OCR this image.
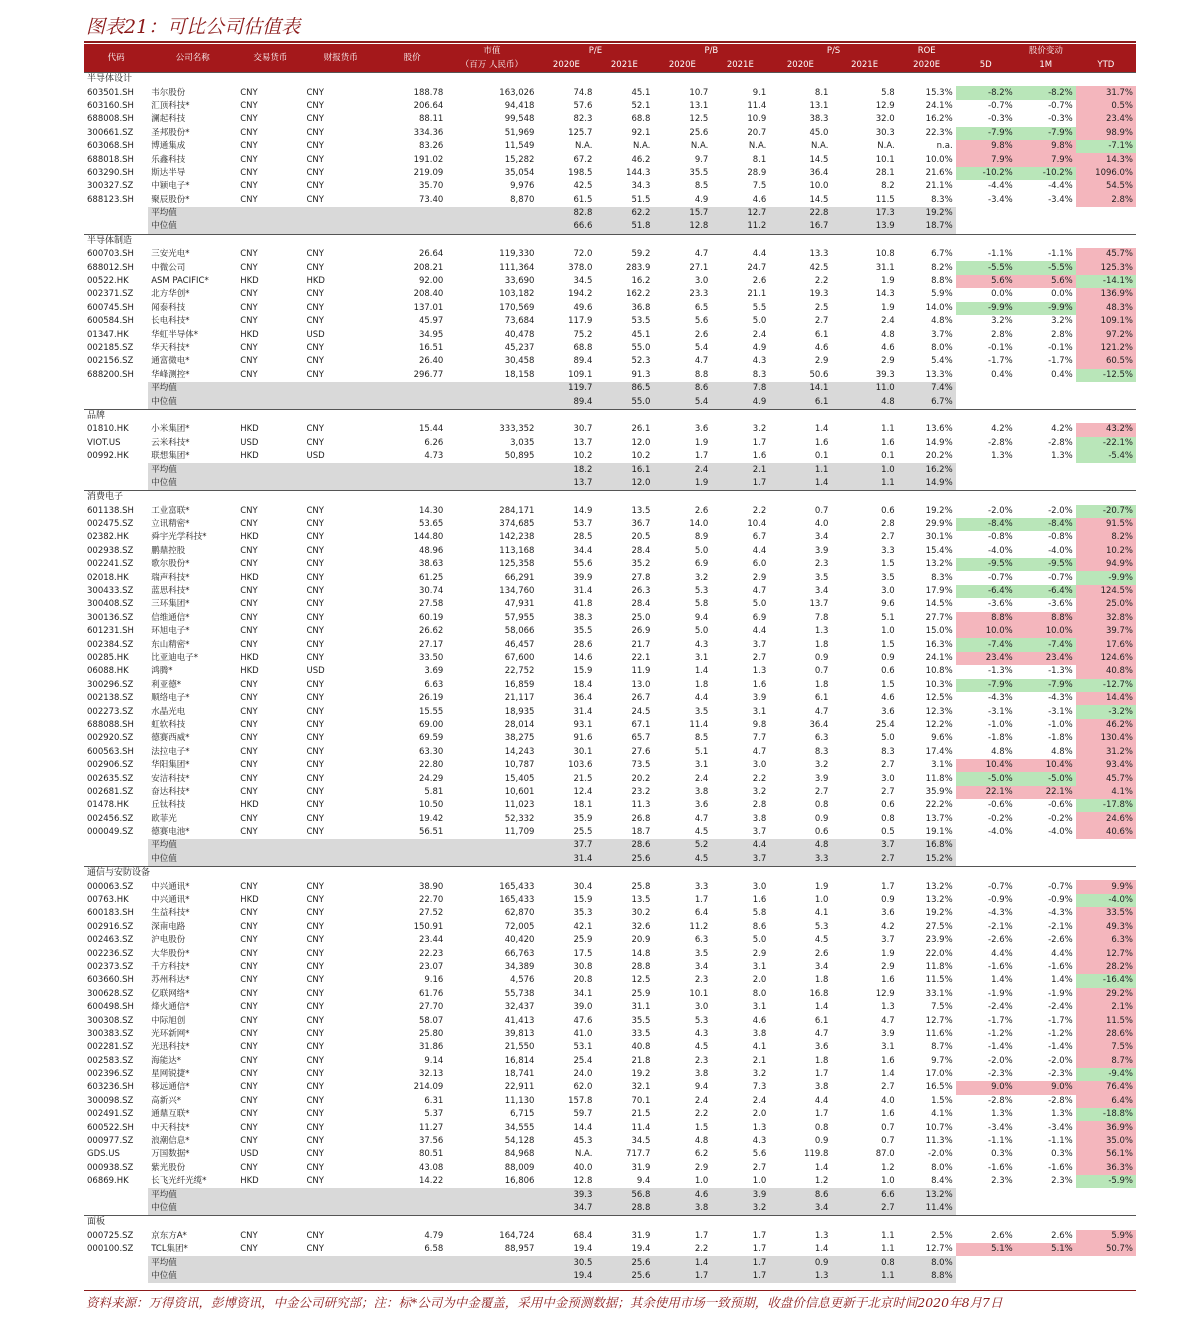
图表21：可比公司估值表
代码	公司名称	交易货币	财报货币	股价	市值	P/E		P/B		P/S		ROE	股价变动		
					（百万 人民币）	2020E	2021E	2020E	2021E	2020E	2021E	2020E	5D	1M	YTD
半导体设计															
603501.SH	韦尔股份	CNY	CNY	188.78	163,026	74.8	45.1	10.7	9.1	8.1	5.8	15.3%	-8.2%	-8.2%	31.7%
603160.SH	汇顶科技*	CNY	CNY	206.64	94,418	57.6	52.1	13.1	11.4	13.1	12.9	24.1%	-0.7%	-0.7%	0.5%
688008.SH	澜起科技	CNY	CNY	88.11	99,548	82.3	68.8	12.5	10.9	38.3	32.0	16.2%	-0.3%	-0.3%	23.4%
300661.SZ	圣邦股份*	CNY	CNY	334.36	51,969	125.7	92.1	25.6	20.7	45.0	30.3	22.3%	-7.9%	-7.9%	98.9%
603068.SH	博通集成	CNY	CNY	83.26	11,549	N.A.	N.A.	N.A.	N.A.	N.A.	N.A.	n.a.	9.8%	9.8%	-7.1%
688018.SH	乐鑫科技	CNY	CNY	191.02	15,282	67.2	46.2	9.7	8.1	14.5	10.1	10.0%	7.9%	7.9%	14.3%
603290.SH	斯达半导	CNY	CNY	219.09	35,054	198.5	144.3	35.5	28.9	36.4	28.1	21.6%	-10.2%	-10.2%	1096.0%
300327.SZ	中颖电子*	CNY	CNY	35.70	9,976	42.5	34.3	8.5	7.5	10.0	8.2	21.1%	-4.4%	-4.4%	54.5%
688123.SH	聚辰股份*	CNY	CNY	73.40	8,870	61.5	51.5	4.9	4.6	14.5	11.5	8.3%	-3.4%	-3.4%	2.8%
	平均值					82.8	62.2	15.7	12.7	22.8	17.3	19.2%			
	中位值					66.6	51.8	12.8	11.2	16.7	13.9	18.7%			
半导体制造															
600703.SH	三安光电*	CNY	CNY	26.64	119,330	72.0	59.2	4.7	4.4	13.3	10.8	6.7%	-1.1%	-1.1%	45.7%
688012.SH	中微公司	CNY	CNY	208.21	111,364	378.0	283.9	27.1	24.7	42.5	31.1	8.2%	-5.5%	-5.5%	125.3%
00522.HK	ASM PACIFIC*	HKD	HKD	92.00	33,690	34.5	16.2	3.0	2.6	2.2	1.9	8.8%	5.6%	5.6%	-14.1%
002371.SZ	北方华创*	CNY	CNY	208.40	103,182	194.2	162.2	23.3	21.1	19.3	14.3	5.9%	0.0%	0.0%	136.9%
600745.SH	闻泰科技	CNY	CNY	137.01	170,569	49.6	36.8	6.5	5.5	2.5	1.9	14.0%	-9.9%	-9.9%	48.3%
600584.SH	长电科技*	CNY	CNY	45.97	73,684	117.9	53.5	5.6	5.0	2.7	2.4	4.8%	3.2%	3.2%	109.1%
01347.HK	华虹半导体*	HKD	USD	34.95	40,478	75.2	45.1	2.6	2.4	6.1	4.8	3.7%	2.8%	2.8%	97.2%
002185.SZ	华天科技*	CNY	CNY	16.51	45,237	68.8	55.0	5.4	4.9	4.6	4.6	8.0%	-0.1%	-0.1%	121.2%
002156.SZ	通富微电*	CNY	CNY	26.40	30,458	89.4	52.3	4.7	4.3	2.9	2.9	5.4%	-1.7%	-1.7%	60.5%
688200.SH	华峰测控*	CNY	CNY	296.77	18,158	109.1	91.3	8.8	8.3	50.6	39.3	13.3%	0.4%	0.4%	-12.5%
	平均值					119.7	86.5	8.6	7.8	14.1	11.0	7.4%			
	中位值					89.4	55.0	5.4	4.9	6.1	4.8	6.7%			
品牌															
01810.HK	小米集团*	HKD	CNY	15.44	333,352	30.7	26.1	3.6	3.2	1.4	1.1	13.6%	4.2%	4.2%	43.2%
VIOT.US	云米科技*	USD	CNY	6.26	3,035	13.7	12.0	1.9	1.7	1.6	1.6	14.9%	-2.8%	-2.8%	-22.1%
00992.HK	联想集团*	HKD	USD	4.73	50,895	10.2	10.2	1.7	1.6	0.1	0.1	20.2%	1.3%	1.3%	-5.4%
	平均值					18.2	16.1	2.4	2.1	1.1	1.0	16.2%			
	中位值					13.7	12.0	1.9	1.7	1.4	1.1	14.9%			
消费电子															
601138.SH	工业富联*	CNY	CNY	14.30	284,171	14.9	13.5	2.6	2.2	0.7	0.6	19.2%	-2.0%	-2.0%	-20.7%
002475.SZ	立讯精密*	CNY	CNY	53.65	374,685	53.7	36.7	14.0	10.4	4.0	2.8	29.9%	-8.4%	-8.4%	91.5%
02382.HK	舜宇光学科技*	HKD	CNY	144.80	142,238	28.5	20.5	8.9	6.7	3.4	2.7	30.1%	-0.8%	-0.8%	8.2%
002938.SZ	鹏鼎控股	CNY	CNY	48.96	113,168	34.4	28.4	5.0	4.4	3.9	3.3	15.4%	-4.0%	-4.0%	10.2%
002241.SZ	歌尔股份*	CNY	CNY	38.63	125,358	55.6	35.2	6.9	6.0	2.3	1.5	13.2%	-9.5%	-9.5%	94.9%
02018.HK	瑞声科技*	HKD	CNY	61.25	66,291	39.9	27.8	3.2	2.9	3.5	3.5	8.3%	-0.7%	-0.7%	-9.9%
300433.SZ	蓝思科技*	CNY	CNY	30.74	134,760	31.4	26.3	5.3	4.7	3.4	3.0	17.9%	-6.4%	-6.4%	124.5%
300408.SZ	三环集团*	CNY	CNY	27.58	47,931	41.8	28.4	5.8	5.0	13.7	9.6	14.5%	-3.6%	-3.6%	25.0%
300136.SZ	信维通信*	CNY	CNY	60.19	57,955	38.3	25.0	9.4	6.9	7.8	5.1	27.7%	8.8%	8.8%	32.8%
601231.SH	环旭电子*	CNY	CNY	26.62	58,066	35.5	26.9	5.0	4.4	1.3	1.0	15.0%	10.0%	10.0%	39.7%
002384.SZ	东山精密*	CNY	CNY	27.17	46,457	28.6	21.7	4.3	3.7	1.8	1.5	16.3%	-7.4%	-7.4%	17.6%
00285.HK	比亚迪电子*	HKD	CNY	33.50	67,600	14.6	22.1	3.1	2.7	0.9	0.9	24.1%	23.4%	23.4%	124.6%
06088.HK	鸿腾*	HKD	USD	3.69	22,752	15.9	11.9	1.4	1.3	0.7	0.6	10.8%	-1.3%	-1.3%	40.8%
300296.SZ	利亚德*	CNY	CNY	6.63	16,859	18.4	13.0	1.8	1.6	1.8	1.5	10.3%	-7.9%	-7.9%	-12.7%
002138.SZ	顺络电子*	CNY	CNY	26.19	21,117	36.4	26.7	4.4	3.9	6.1	4.6	12.5%	-4.3%	-4.3%	14.4%
002273.SZ	水晶光电	CNY	CNY	15.55	18,935	31.4	24.5	3.5	3.1	4.7	3.6	12.3%	-3.1%	-3.1%	-3.2%
688088.SH	虹软科技	CNY	CNY	69.00	28,014	93.1	67.1	11.4	9.8	36.4	25.4	12.2%	-1.0%	-1.0%	46.2%
002920.SZ	德赛西威*	CNY	CNY	69.59	38,275	91.6	65.7	8.5	7.7	6.3	5.0	9.6%	-1.8%	-1.8%	130.4%
600563.SH	法拉电子*	CNY	CNY	63.30	14,243	30.1	27.6	5.1	4.7	8.3	8.3	17.4%	4.8%	4.8%	31.2%
002906.SZ	华阳集团*	CNY	CNY	22.80	10,787	103.6	73.5	3.1	3.0	3.2	2.7	3.1%	10.4%	10.4%	93.4%
002635.SZ	安洁科技*	CNY	CNY	24.29	15,405	21.5	20.2	2.4	2.2	3.9	3.0	11.8%	-5.0%	-5.0%	45.7%
002681.SZ	奋达科技*	CNY	CNY	5.81	10,601	12.4	23.2	3.8	3.2	2.7	2.7	35.9%	22.1%	22.1%	4.1%
01478.HK	丘钛科技	HKD	CNY	10.50	11,023	18.1	11.3	3.6	2.8	0.8	0.6	22.2%	-0.6%	-0.6%	-17.8%
002456.SZ	欧菲光	CNY	CNY	19.42	52,332	35.9	26.8	4.7	3.8	0.9	0.8	13.7%	-0.2%	-0.2%	24.6%
000049.SZ	德赛电池*	CNY	CNY	56.51	11,709	25.5	18.7	4.5	3.7	0.6	0.5	19.1%	-4.0%	-4.0%	40.6%
	平均值					37.7	28.6	5.2	4.4	4.8	3.7	16.8%			
	中位值					31.4	25.6	4.5	3.7	3.3	2.7	15.2%			
通信与安防设备															
000063.SZ	中兴通讯*	CNY	CNY	38.90	165,433	30.4	25.8	3.3	3.0	1.9	1.7	13.2%	-0.7%	-0.7%	9.9%
00763.HK	中兴通讯*	HKD	CNY	22.70	165,433	15.9	13.5	1.7	1.6	1.0	0.9	13.2%	-0.9%	-0.9%	-4.0%
600183.SH	生益科技*	CNY	CNY	27.52	62,870	35.3	30.2	6.4	5.8	4.1	3.6	19.2%	-4.3%	-4.3%	33.5%
002916.SZ	深南电路	CNY	CNY	150.91	72,005	42.1	32.6	11.2	8.6	5.3	4.2	27.5%	-2.1%	-2.1%	49.3%
002463.SZ	沪电股份	CNY	CNY	23.44	40,420	25.9	20.9	6.3	5.0	4.5	3.7	23.9%	-2.6%	-2.6%	6.3%
002236.SZ	大华股份*	CNY	CNY	22.23	66,763	17.5	14.8	3.5	2.9	2.6	1.9	22.0%	4.4%	4.4%	12.7%
002373.SZ	千方科技*	CNY	CNY	23.07	34,389	30.8	28.8	3.4	3.1	3.4	2.9	11.8%	-1.6%	-1.6%	28.2%
603660.SH	苏州科达*	CNY	CNY	9.16	4,576	20.8	12.5	2.3	2.0	1.8	1.6	11.5%	1.4%	1.4%	-16.4%
300628.SZ	亿联网络*	CNY	CNY	61.76	55,738	34.1	25.9	10.1	8.0	16.8	12.9	33.1%	-1.9%	-1.9%	29.2%
600498.SH	烽火通信*	CNY	CNY	27.70	32,437	39.0	31.1	3.0	3.1	1.4	1.3	7.5%	-2.4%	-2.4%	2.1%
300308.SZ	中际旭创	CNY	CNY	58.07	41,413	47.6	35.5	5.3	4.6	6.1	4.7	12.7%	-1.7%	-1.7%	11.5%
300383.SZ	光环新网*	CNY	CNY	25.80	39,813	41.0	33.5	4.3	3.8	4.7	3.9	11.6%	-1.2%	-1.2%	28.6%
002281.SZ	光迅科技*	CNY	CNY	31.86	21,550	53.1	40.8	4.5	4.1	3.6	3.1	8.7%	-1.4%	-1.4%	7.5%
002583.SZ	海能达*	CNY	CNY	9.14	16,814	25.4	21.8	2.3	2.1	1.8	1.6	9.7%	-2.0%	-2.0%	8.7%
002396.SZ	星网锐捷*	CNY	CNY	32.13	18,741	24.0	19.2	3.8	3.2	1.7	1.4	17.0%	-2.3%	-2.3%	-9.4%
603236.SH	移远通信*	CNY	CNY	214.09	22,911	62.0	32.1	9.4	7.3	3.8	2.7	16.5%	9.0%	9.0%	76.4%
300098.SZ	高新兴*	CNY	CNY	6.31	11,130	157.8	70.1	2.4	2.4	4.4	4.0	1.5%	-2.8%	-2.8%	6.4%
002491.SZ	通鼎互联*	CNY	CNY	5.37	6,715	59.7	21.5	2.2	2.0	1.7	1.6	4.1%	1.3%	1.3%	-18.8%
600522.SH	中天科技*	CNY	CNY	11.27	34,555	14.4	11.4	1.5	1.3	0.8	0.7	10.7%	-3.4%	-3.4%	36.9%
000977.SZ	浪潮信息*	CNY	CNY	37.56	54,128	45.3	34.5	4.8	4.3	0.9	0.7	11.3%	-1.1%	-1.1%	35.0%
GDS.US	万国数据*	USD	CNY	80.51	84,968	N.A.	717.7	6.2	5.6	119.8	87.0	-2.0%	0.3%	0.3%	56.1%
000938.SZ	紫光股份	CNY	CNY	43.08	88,009	40.0	31.9	2.9	2.7	1.4	1.2	8.0%	-1.6%	-1.6%	36.3%
06869.HK	长飞光纤光缆*	HKD	CNY	14.22	16,806	12.8	9.4	1.0	1.0	1.2	1.0	8.4%	2.3%	2.3%	-5.9%
	平均值					39.3	56.8	4.6	3.9	8.6	6.6	13.2%			
	中位值					34.7	28.8	3.8	3.2	3.4	2.7	11.4%			
面板															
000725.SZ	京东方A*	CNY	CNY	4.79	164,724	68.4	31.9	1.7	1.7	1.3	1.1	2.5%	2.6%	2.6%	5.9%
000100.SZ	TCL集团*	CNY	CNY	6.58	88,957	19.4	19.4	2.2	1.7	1.4	1.1	12.7%	5.1%	5.1%	50.7%
	平均值					30.5	25.6	1.4	1.7	0.9	0.8	8.0%			
	中位值					19.4	25.6	1.7	1.7	1.3	1.1	8.8%			
资料来源：万得资讯，彭博资讯，中金公司研究部；注：标*公司为中金覆盖，采用中金预测数据；其余使用市场一致预期，收盘价信息更新于北京时间2020年8月7日
